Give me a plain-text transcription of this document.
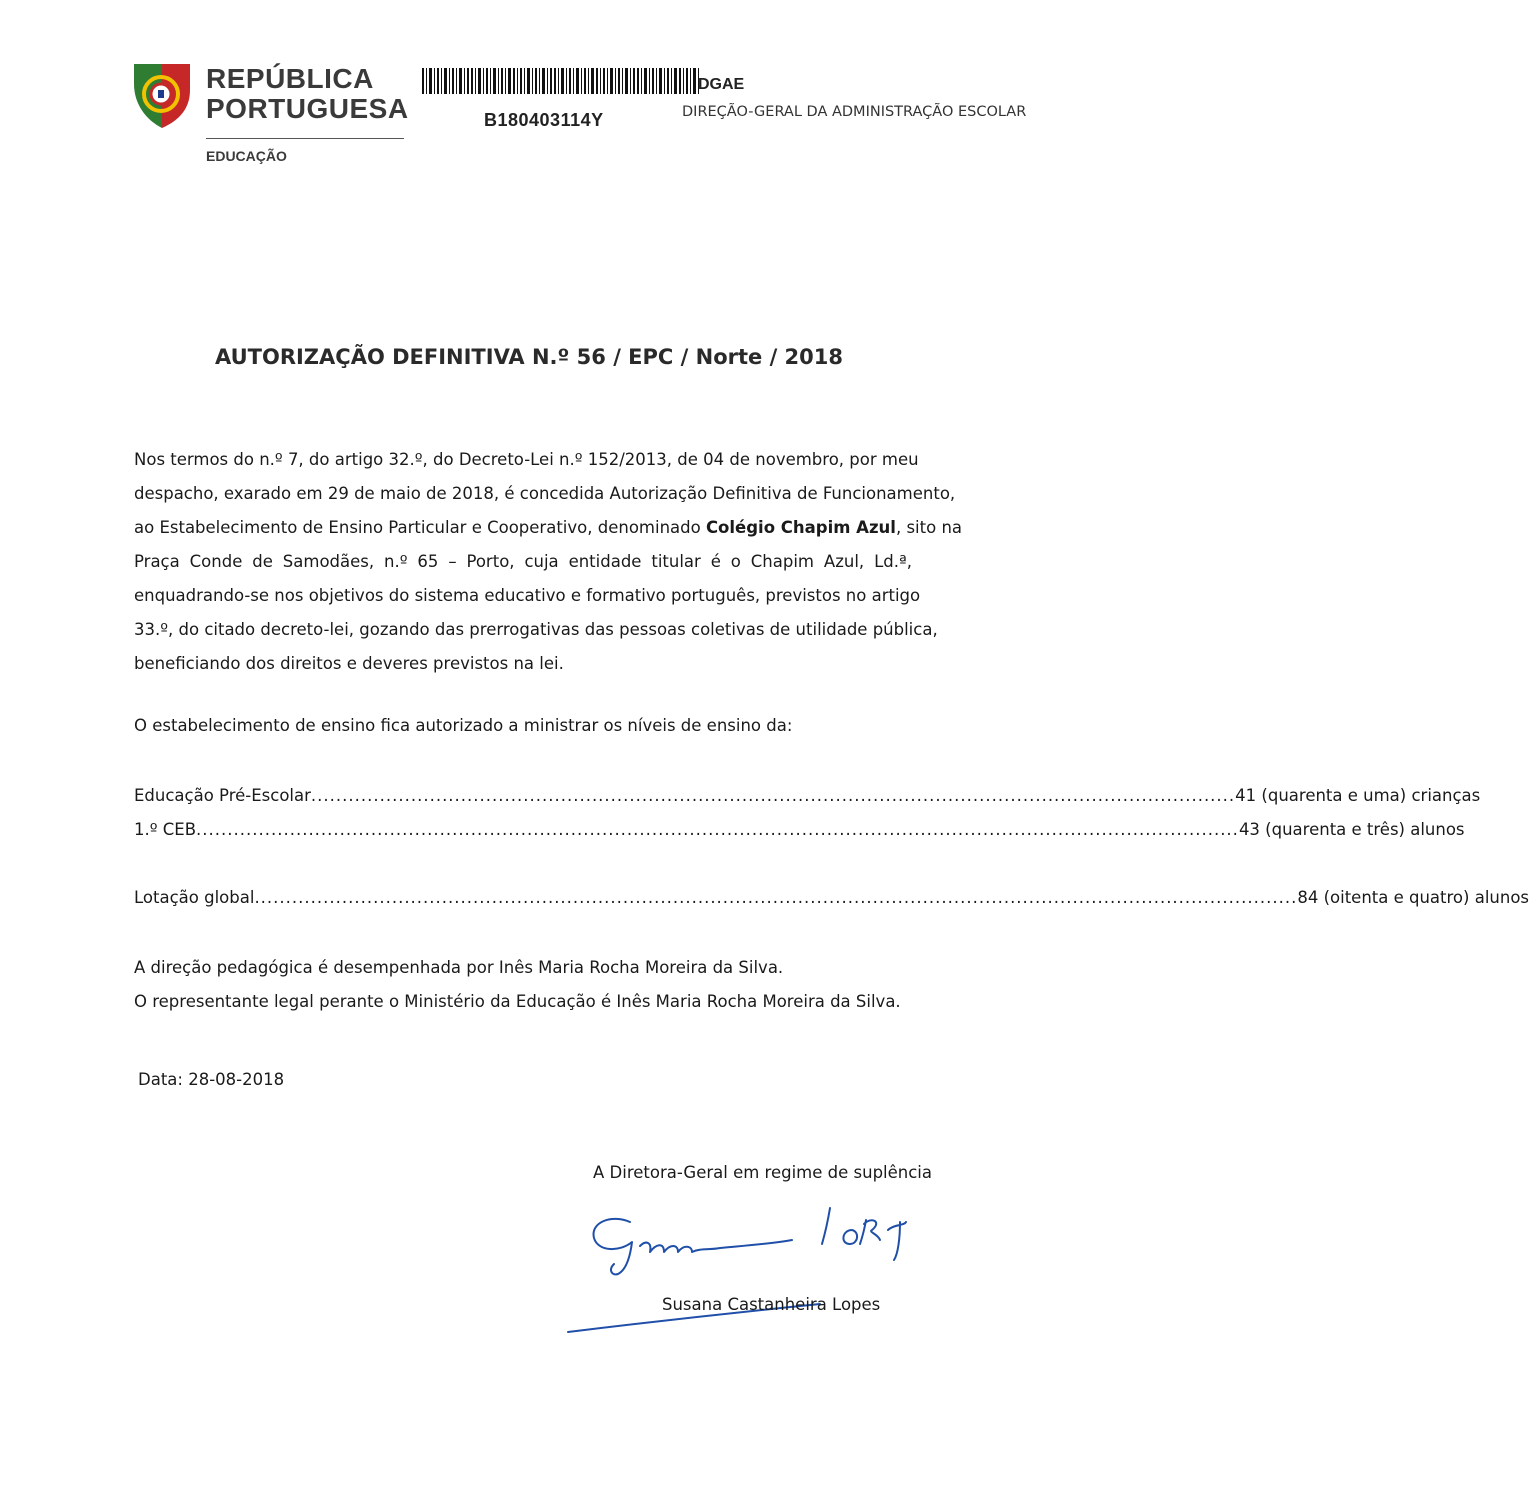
REPÚBLICA
PORTUGUESA
EDUCAÇÃO
B180403114Y
DGAE
DIREÇÃO-GERAL DA ADMINISTRAÇÃO ESCOLAR
AUTORIZAÇÃO DEFINITIVA N.º 56 / EPC / Norte / 2018
Nos termos do n.º 7, do artigo 32.º, do Decreto-Lei n.º 152/2013, de 04 de novembro, por meu
despacho, exarado em 29 de maio de 2018, é concedida Autorização Definitiva de Funcionamento,
ao Estabelecimento de Ensino Particular e Cooperativo, denominado Colégio Chapim Azul, sito na
Praça Conde de Samodães, n.º 65 – Porto, cuja entidade titular é o Chapim Azul, Ld.ª,
enquadrando-se nos objetivos do sistema educativo e formativo português, previstos no artigo
33.º, do citado decreto-lei, gozando das prerrogativas das pessoas coletivas de utilidade pública,
beneficiando dos direitos e deveres previstos na lei.
O estabelecimento de ensino fica autorizado a ministrar os níveis de ensino da:
Educação Pré-Escolar .................................................................................................................................................... 41 (quarenta e uma) crianças
1.º CEB ....................................................................................................................................................................... 43 (quarenta e três) alunos
Lotação global ....................................................................................................................................................................... 84 (oitenta e quatro) alunos
A direção pedagógica é desempenhada por Inês Maria Rocha Moreira da Silva.
O representante legal perante o Ministério da Educação é Inês Maria Rocha Moreira da Silva.
Data: 28-08-2018
A Diretora-Geral em regime de suplência
Susana Castanheira Lopes
